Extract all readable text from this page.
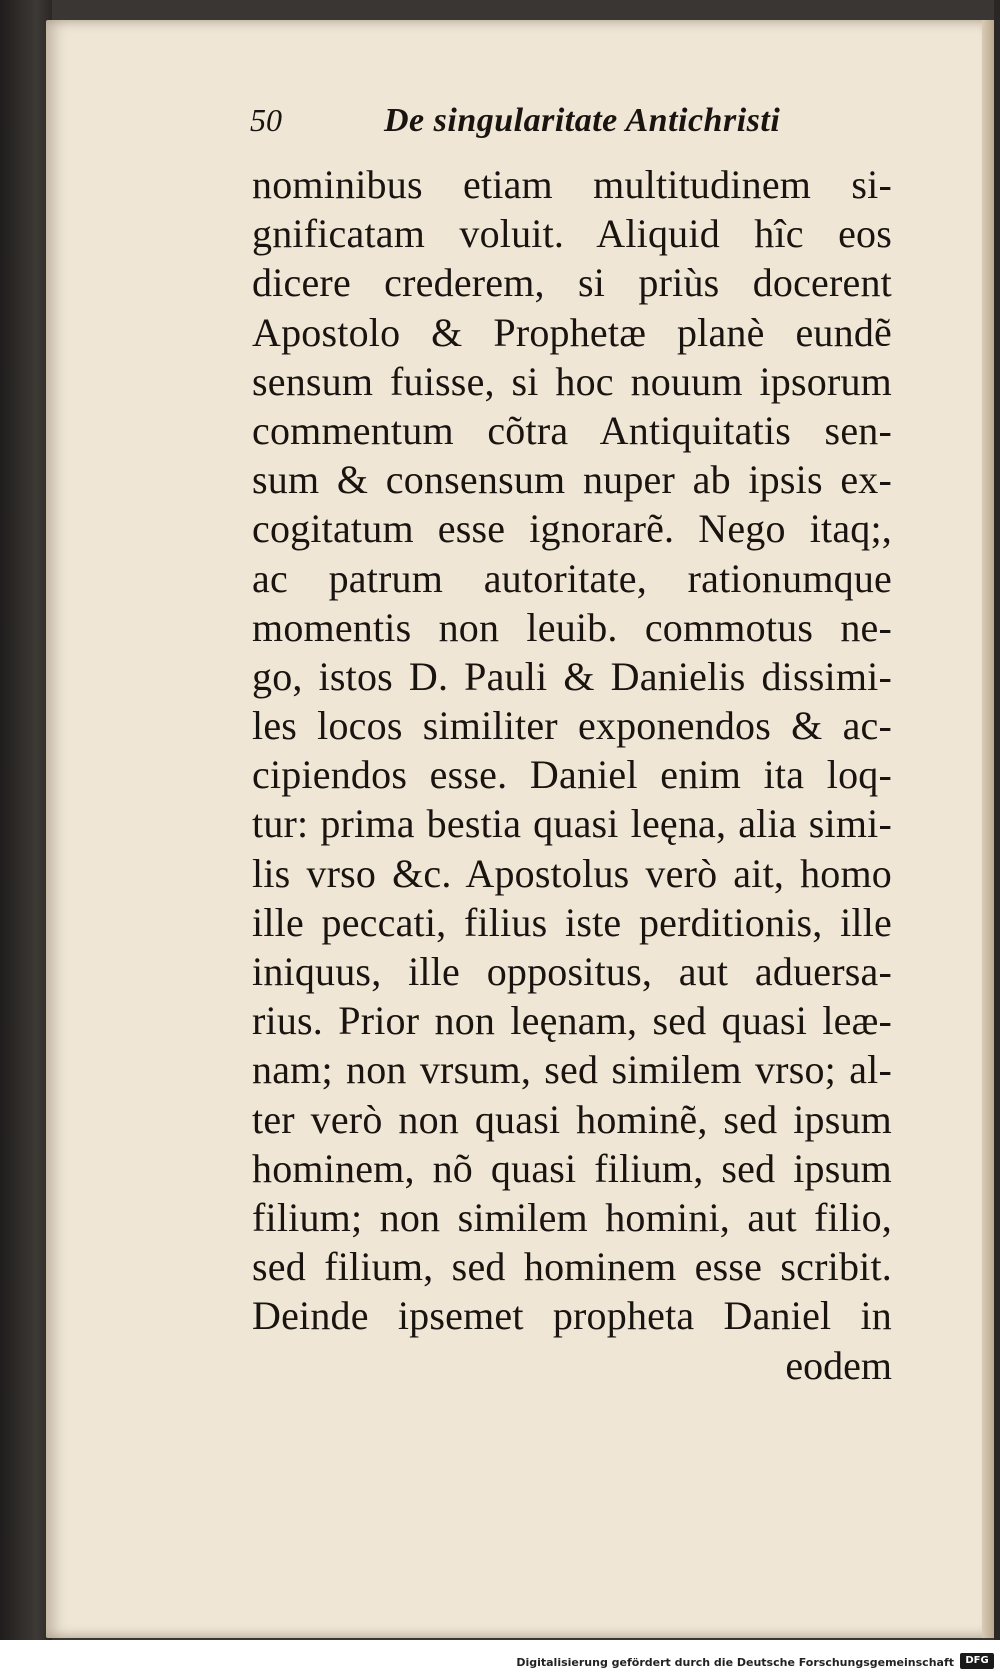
50	De singularitate Antichristi
nominibus etiam multitudinem si-
gnificatam voluit. Aliquid hîc eos
dicere crederem, si priùs docerent
Apostolo & Prophetæ planè eundẽ
sensum fuisse, si hoc nouum ipsorum
commentum cõtra Antiquitatis sen-
sum & consensum nuper ab ipsis ex-
cogitatum esse ignorarẽ. Nego itaq;,
ac patrum autoritate, rationumque
momentis non leuib. commotus ne-
go, istos D. Pauli & Danielis dissimi-
les locos similiter exponendos & ac-
cipiendos esse. Daniel enim ita loq-
tur: prima bestia quasi leęna, alia simi-
lis vrso &c. Apostolus verò ait, homo
ille peccati, filius iste perditionis, ille
iniquus, ille oppositus, aut aduersa-
rius. Prior non leęnam, sed quasi leæ-
nam; non vrsum, sed similem vrso; al-
ter verò non quasi hominẽ, sed ipsum
hominem, nõ quasi filium, sed ipsum
filium; non similem homini, aut filio,
sed filium, sed hominem esse scribit.
Deinde ipsemet propheta Daniel in
eodem
Digitalisierung gefördert durch die Deutsche Forschungsgemeinschaft	DFG
